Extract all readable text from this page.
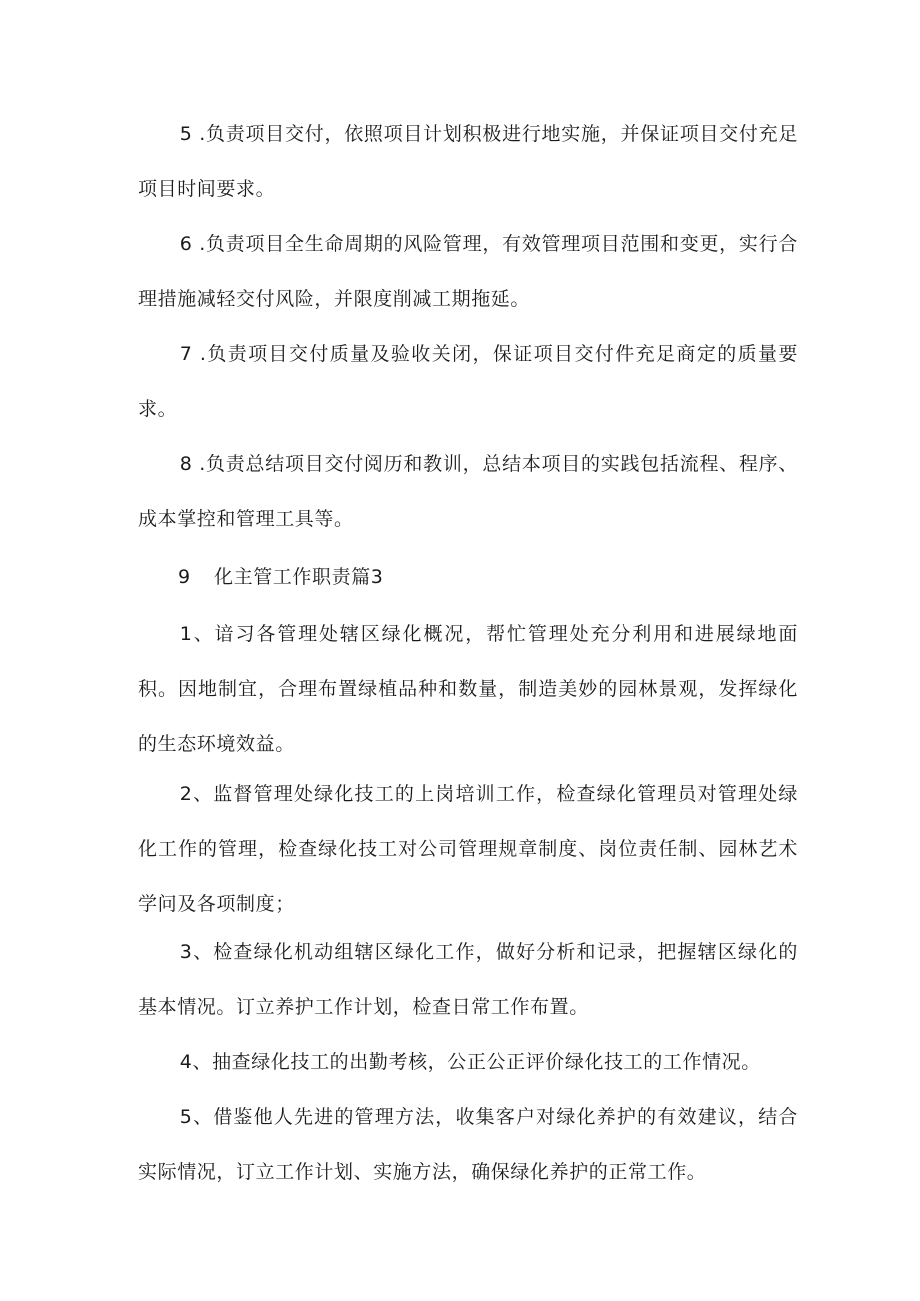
5 .负责项目交付，依照项目计划积极进行地实施，并保证项目交付充足项目时间要求。

6 .负责项目全生命周期的风险管理，有效管理项目范围和变更，实行合理措施减轻交付风险，并限度削减工期拖延。

7 .负责项目交付质量及验收关闭，保证项目交付件充足商定的质量要求。

8 .负责总结项目交付阅历和教训，总结本项目的实践包括流程、程序、成本掌控和管理工具等。

9 化主管工作职责篇3

1、谙习各管理处辖区绿化概况，帮忙管理处充分利用和进展绿地面积。因地制宜，合理布置绿植品种和数量，制造美妙的园林景观，发挥绿化的生态环境效益。

2、监督管理处绿化技工的上岗培训工作，检查绿化管理员对管理处绿化工作的管理，检查绿化技工对公司管理规章制度、岗位责任制、园林艺术学问及各项制度；

3、检查绿化机动组辖区绿化工作，做好分析和记录，把握辖区绿化的基本情况。订立养护工作计划，检查日常工作布置。

4、抽查绿化技工的出勤考核，公正公正评价绿化技工的工作情况。

5、借鉴他人先进的管理方法，收集客户对绿化养护的有效建议，结合实际情况，订立工作计划、实施方法，确保绿化养护的正常工作。
